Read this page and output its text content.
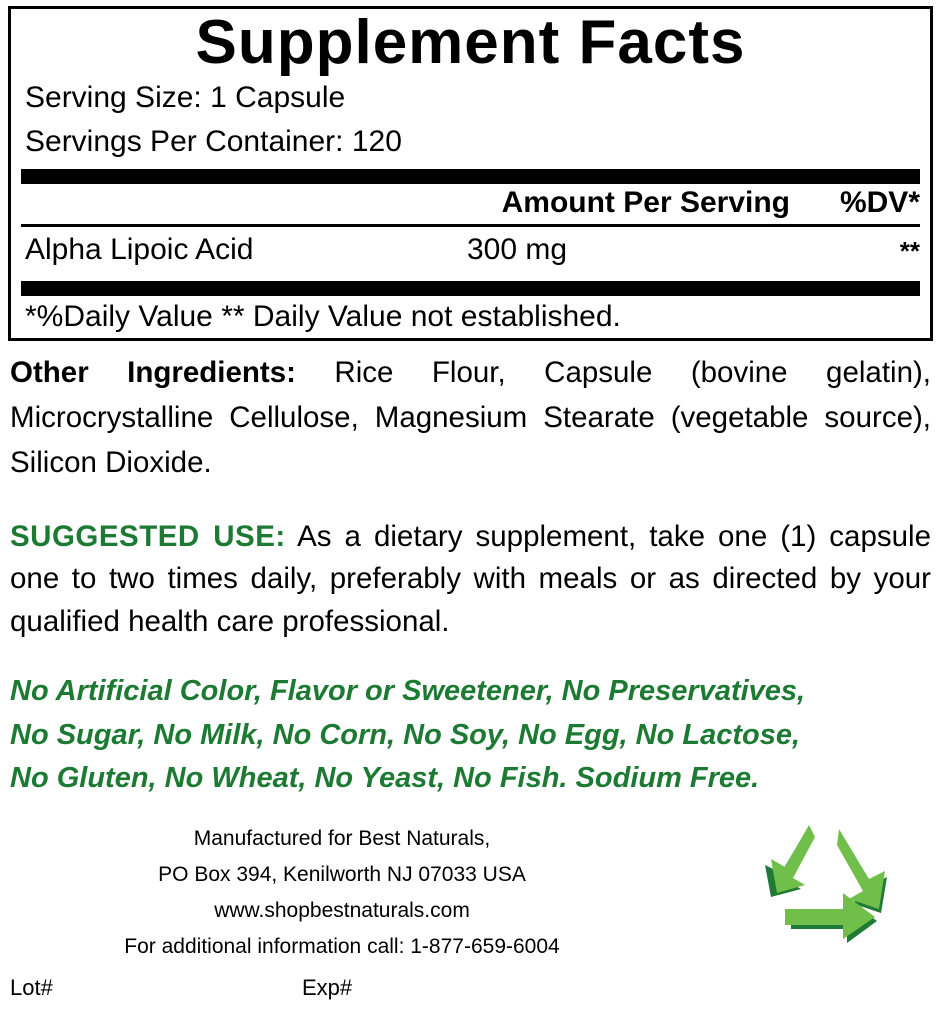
Supplement Facts
Serving Size: 1 Capsule
Servings Per Container: 120
Amount Per Serving	%DV*
Alpha Lipoic Acid	300 mg	**
*%Daily Value ** Daily Value not established.
Other Ingredients: Rice Flour, Capsule (bovine gelatin), Microcrystalline Cellulose, Magnesium Stearate (vegetable source), Silicon Dioxide.
SUGGESTED USE: As a dietary supplement, take one (1) capsule one to two times daily, preferably with meals or as directed by your qualified health care professional.
No Artificial Color, Flavor or Sweetener, No Preservatives,
No Sugar, No Milk, No Corn, No Soy, No Egg, No Lactose,
No Gluten, No Wheat, No Yeast, No Fish. Sodium Free.
Manufactured for Best Naturals,
PO Box 394, Kenilworth NJ 07033 USA
www.shopbestnaturals.com
For additional information call: 1-877-659-6004
Lot#	Exp#
